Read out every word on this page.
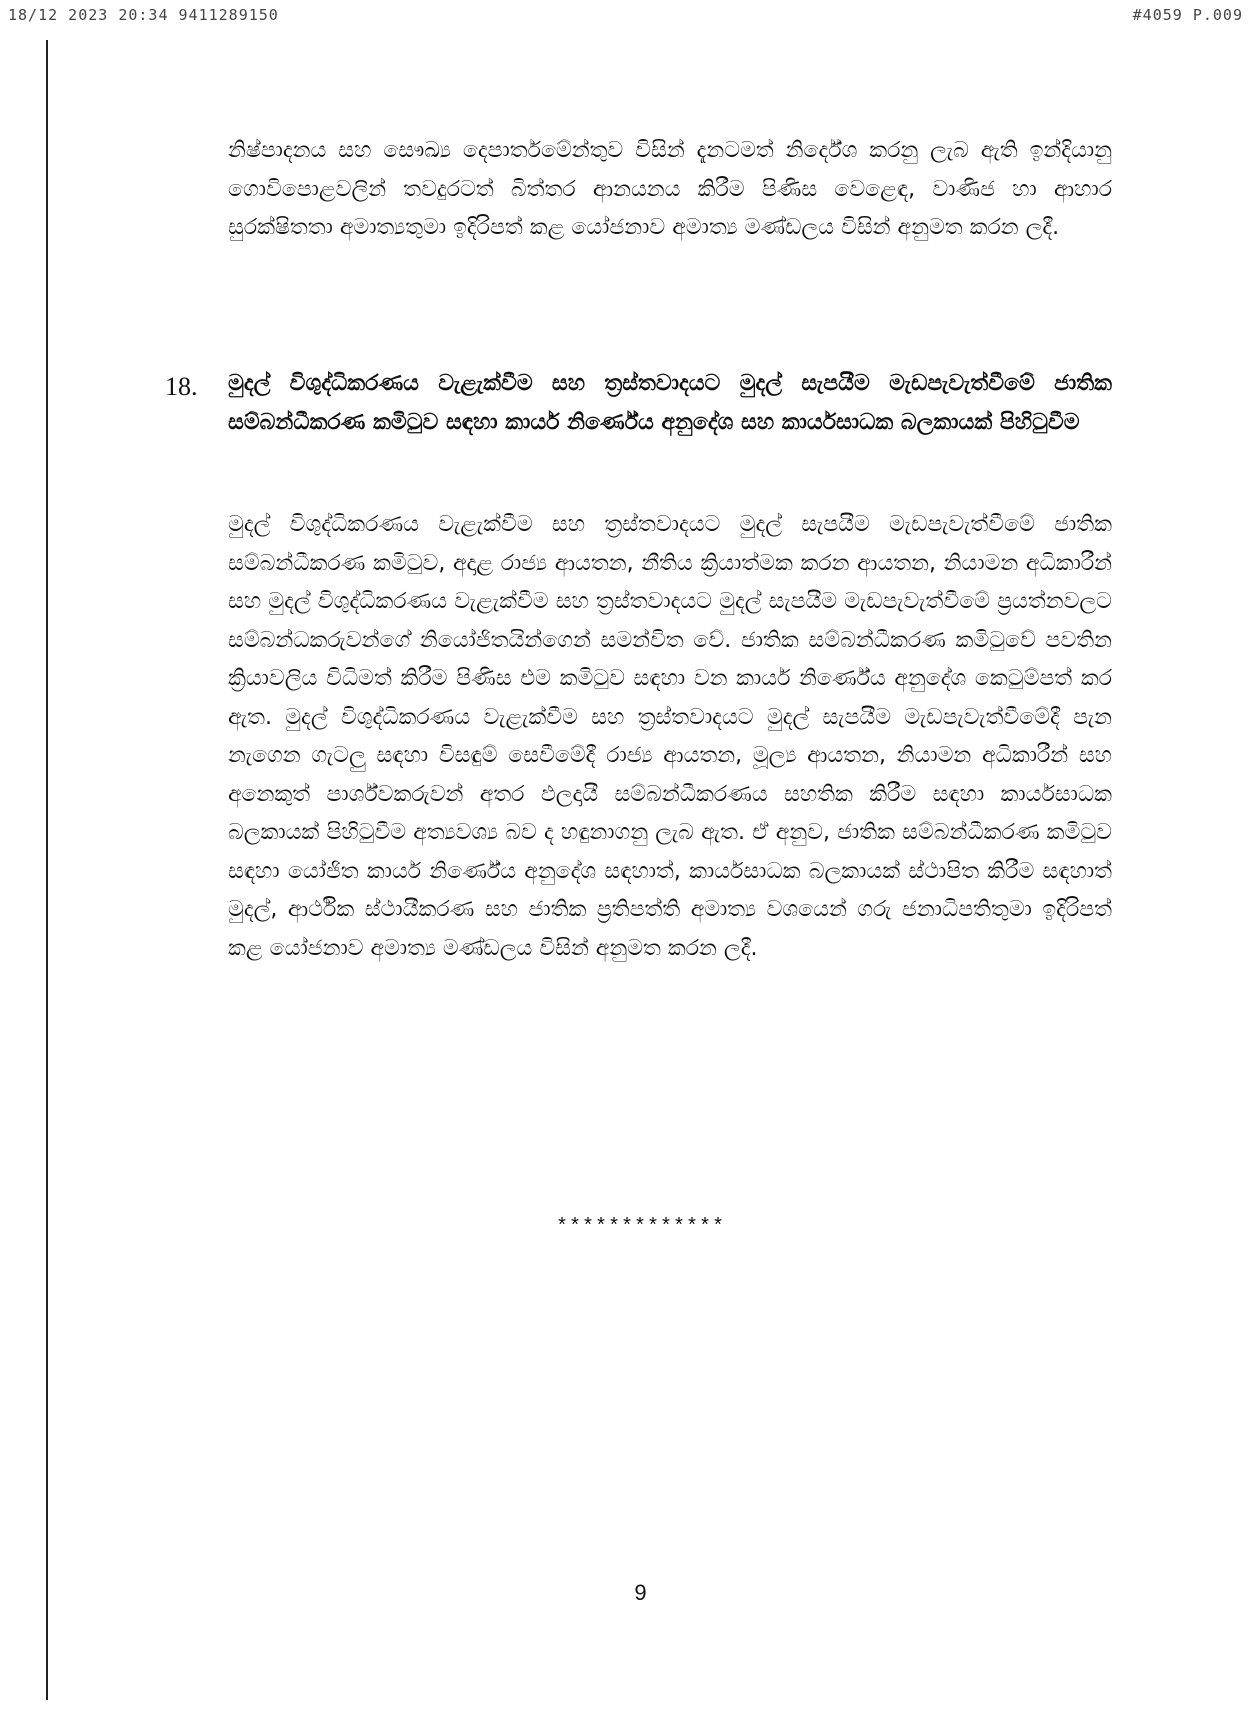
18/12 2023 20:34 9411289150	#4059 P.009

නිෂ්පාදනය සහ සෞඛ්‍ය දෙපාර්තමේන්තුව විසින් දැනටමත් නිර්දේශ කරනු ලැබ ඇති ඉන්දියානු ගොවිපොළවලින් තවදුරටත් බිත්තර ආනයනය කිරීම පිණිස වෙළෙඳ, වාණිජ හා ආහාර සුරක්ෂිතතා අමාත්‍යතුමා ඉදිරිපත් කළ යෝජනාව අමාත්‍ය මණ්ඩලය විසින් අනුමත කරන ලදී.

18. මුදල් විශුද්ධිකරණය වැළැක්වීම සහ ත්‍රස්තවාදයට මුදල් සැපයීම මැඩපැවැත්වීමේ ජාතික සම්බන්ධීකරණ කමිටුව සඳහා කාර්ය නිර්ණේය අනුදේශ සහ කාර්යසාධක බලකායක් පිහිටුවීම

මුදල් විශුද්ධිකරණය වැළැක්වීම සහ ත්‍රස්තවාදයට මුදල් සැපයීම මැඩපැවැත්වීමේ ජාතික සම්බන්ධීකරණ කමිටුව, අදාළ රාජ්‍ය ආයතන, නීතිය ක්‍රියාත්මක කරන ආයතන, නියාමන අධිකාරීන් සහ මුදල් විශුද්ධිකරණය වැළැක්වීම සහ ත්‍රස්තවාදයට මුදල් සැපයීම මැඩපැවැත්වීමේ ප්‍රයත්නවලට සම්බන්ධකරුවන්ගේ නියෝජිතයින්ගෙන් සමන්විත වේ. ජාතික සම්බන්ධීකරණ කමිටුවේ පවතින ක්‍රියාවලිය විධිමත් කිරීම පිණිස එම කමිටුව සඳහා වන කාර්ය නිර්ණේය අනුදේශ කෙටුම්පත් කර ඇත. මුදල් විශුද්ධිකරණය වැළැක්වීම සහ ත්‍රස්තවාදයට මුදල් සැපයීම මැඩපැවැත්වීමේදී පැන නැගෙන ගැටලු සඳහා විසඳුම් සෙවීමේදී රාජ්‍ය ආයතන, මූල්‍ය ආයතන, නියාමන අධිකාරීන් සහ අනෙකුත් පාර්ශ්වකරුවන් අතර ඵලදායී සම්බන්ධීකරණය සහතික කිරීම සඳහා කාර්යසාධක බලකායක් පිහිටුවීම අත්‍යවශ්‍ය බව ද හඳුනාගනු ලැබ ඇත. ඒ අනුව, ජාතික සම්බන්ධීකරණ කමිටුව සඳහා යෝජිත කාර්ය නිර්ණේය අනුදේශ සඳහාත්, කාර්යසාධක බලකායක් ස්ථාපිත කිරීම සඳහාත් මුදල්, ආර්ථික ස්ථායීකරණ සහ ජාතික ප්‍රතිපත්ති අමාත්‍ය වශයෙන් ගරු ජනාධිපතිතුමා ඉදිරිපත් කළ යෝජනාව අමාත්‍ය මණ්ඩලය විසින් අනුමත කරන ලදී.

*************
9
